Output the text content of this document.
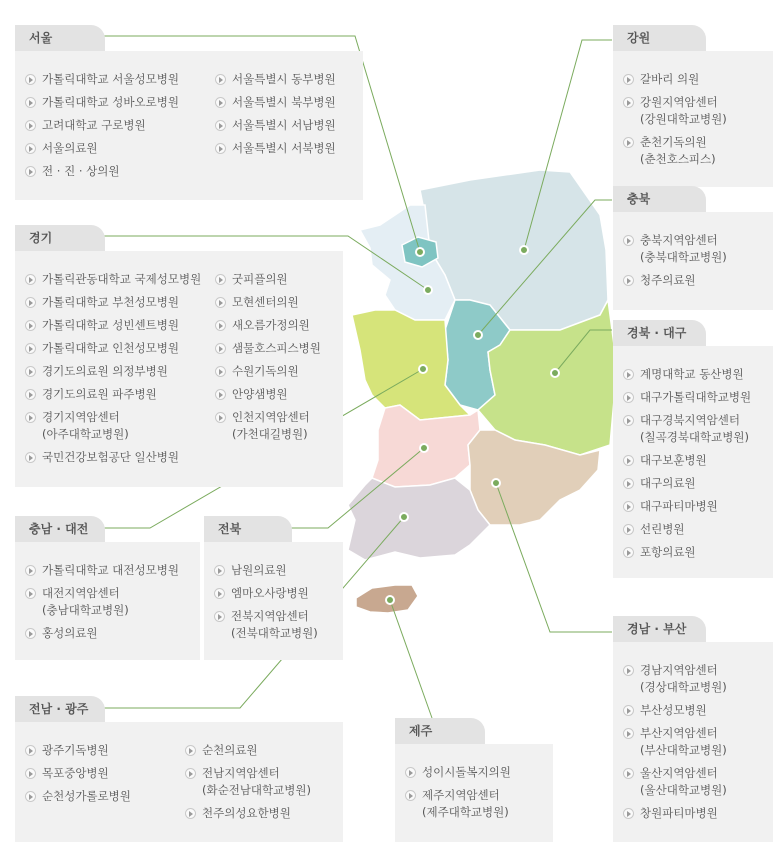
서울
가톨릭대학교 서울성모병원
가톨릭대학교 성바오로병원
고려대학교 구로병원
서울의료원
전 · 진 · 상의원
서울특별시 동부병원
서울특별시 북부병원
서울특별시 서남병원
서울특별시 서북병원
경기
가톨릭관동대학교 국제성모병원
가톨릭대학교 부천성모병원
가톨릭대학교 성빈센트병원
가톨릭대학교 인천성모병원
경기도의료원 의정부병원
경기도의료원 파주병원
경기지역암센터
(아주대학교병원)
국민건강보험공단 일산병원
굿피플의원
모현센터의원
새오름가정의원
샘물호스피스병원
수원기독의원
안양샘병원
인천지역암센터
(가천대길병원)
충남 · 대전
가톨릭대학교 대전성모병원
대전지역암센터
(충남대학교병원)
홍성의료원
전북
남원의료원
엠마오사랑병원
전북지역암센터
(전북대학교병원)
전남 · 광주
광주기독병원
목포중앙병원
순천성가롤로병원
순천의료원
전남지역암센터
(화순전남대학교병원)
천주의성요한병원
제주
성이시돌복지의원
제주지역암센터
(제주대학교병원)
강원
갈바리 의원
강원지역암센터
(강원대학교병원)
춘천기독의원
(춘천호스피스)
충북
충북지역암센터
(충북대학교병원)
청주의료원
경북 · 대구
계명대학교 동산병원
대구가톨릭대학교병원
대구경북지역암센터
(칠곡경북대학교병원)
대구보훈병원
대구의료원
대구파티마병원
선린병원
포항의료원
경남 · 부산
경남지역암센터
(경상대학교병원)
부산성모병원
부산지역암센터
(부산대학교병원)
울산지역암센터
(울산대학교병원)
창원파티마병원
